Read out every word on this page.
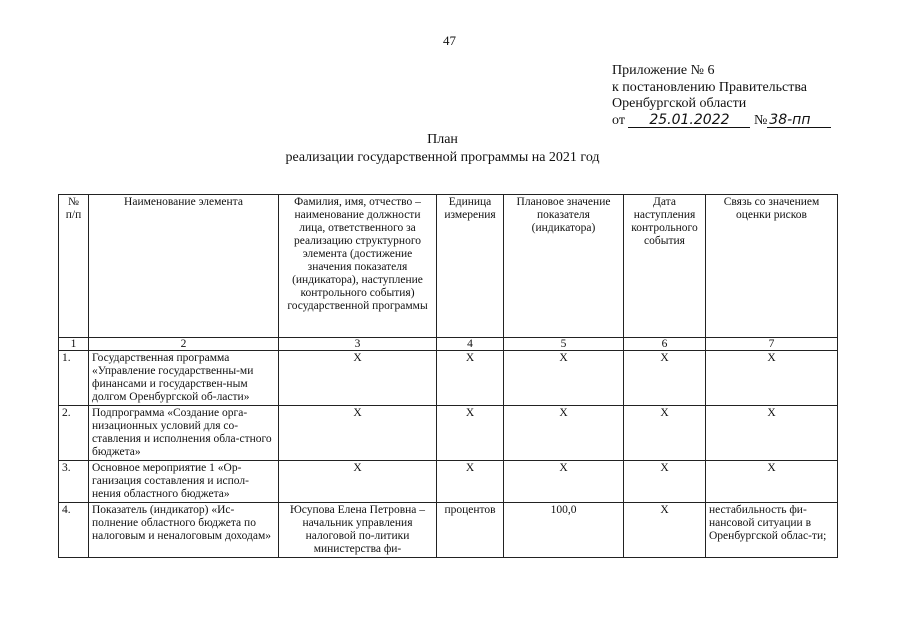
47
Приложение № 6
к постановлению Правительства
Оренбургской области
от 25.01.2022 № 38-пп
План
реализации государственной программы на 2021 год
№ п/п	Наименование элемента	Фамилия, имя, отчество – наименование должности лица, ответственного за реализацию структурного элемента (достижение значения показателя (индикатора), наступление контрольного события) государственной программы	Единица измерения	Плановое значение показателя (индикатора)	Дата наступления контрольного события	Связь со значением оценки рисков
1	2	3	4	5	6	7
1.	Государственная программа «Управление государственны-ми финансами и государствен-ным долгом Оренбургской об-ласти»	Х	Х	Х	Х	Х
2.	Подпрограмма «Создание орга-низационных условий для со-ставления и исполнения обла-стного бюджета»	Х	Х	Х	Х	Х
3.	Основное мероприятие 1 «Ор-ганизация составления и испол-нения областного бюджета»	Х	Х	Х	Х	Х
4.	Показатель (индикатор) «Ис-полнение областного бюджета по налоговым и неналоговым доходам»	Юсупова Елена Петровна – начальник управления налоговой по-литики министерства фи-	процентов	100,0	Х	нестабильность фи-нансовой ситуации в Оренбургской облас-ти;
